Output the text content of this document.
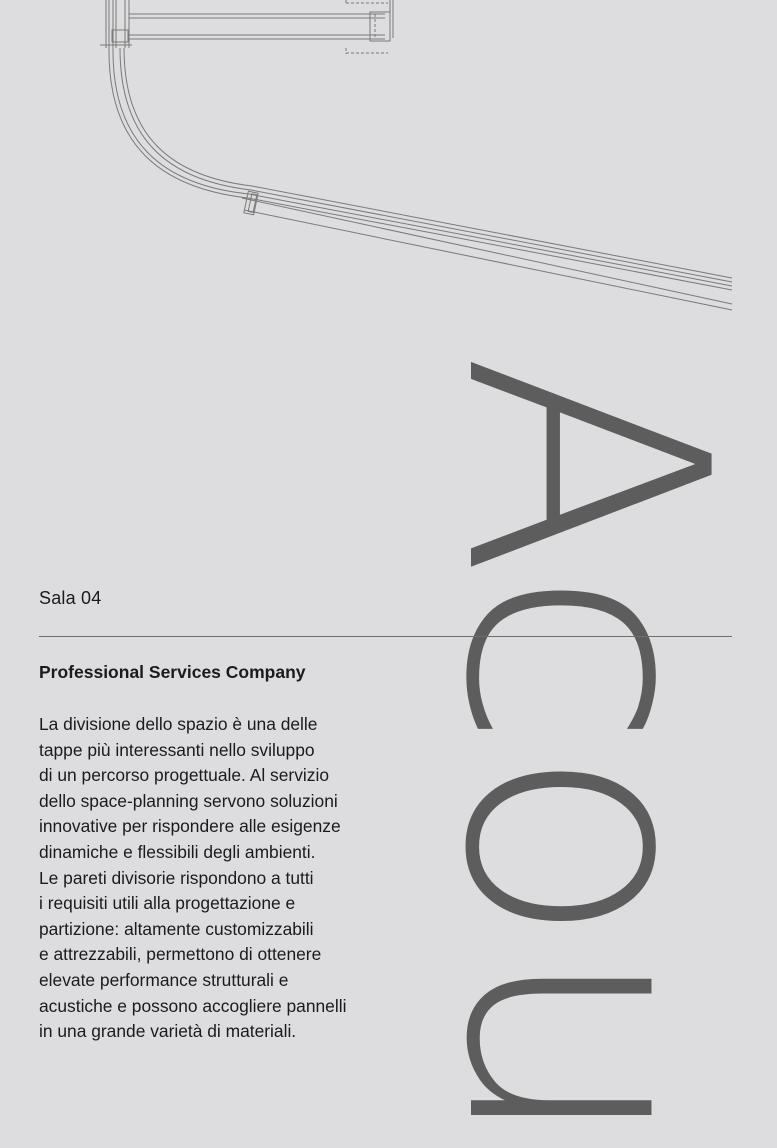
Acou
Sala 04
Professional Services Company
La divisione dello spazio è una delle
tappe più interessanti nello sviluppo
di un percorso progettuale. Al servizio
dello space-planning servono soluzioni
innovative per rispondere alle esigenze
dinamiche e flessibili degli ambienti.
Le pareti divisorie rispondono a tutti
i requisiti utili alla progettazione e
partizione: altamente customizzabili
e attrezzabili, permettono di ottenere
elevate performance strutturali e
acustiche e possono accogliere pannelli
in una grande varietà di materiali.
